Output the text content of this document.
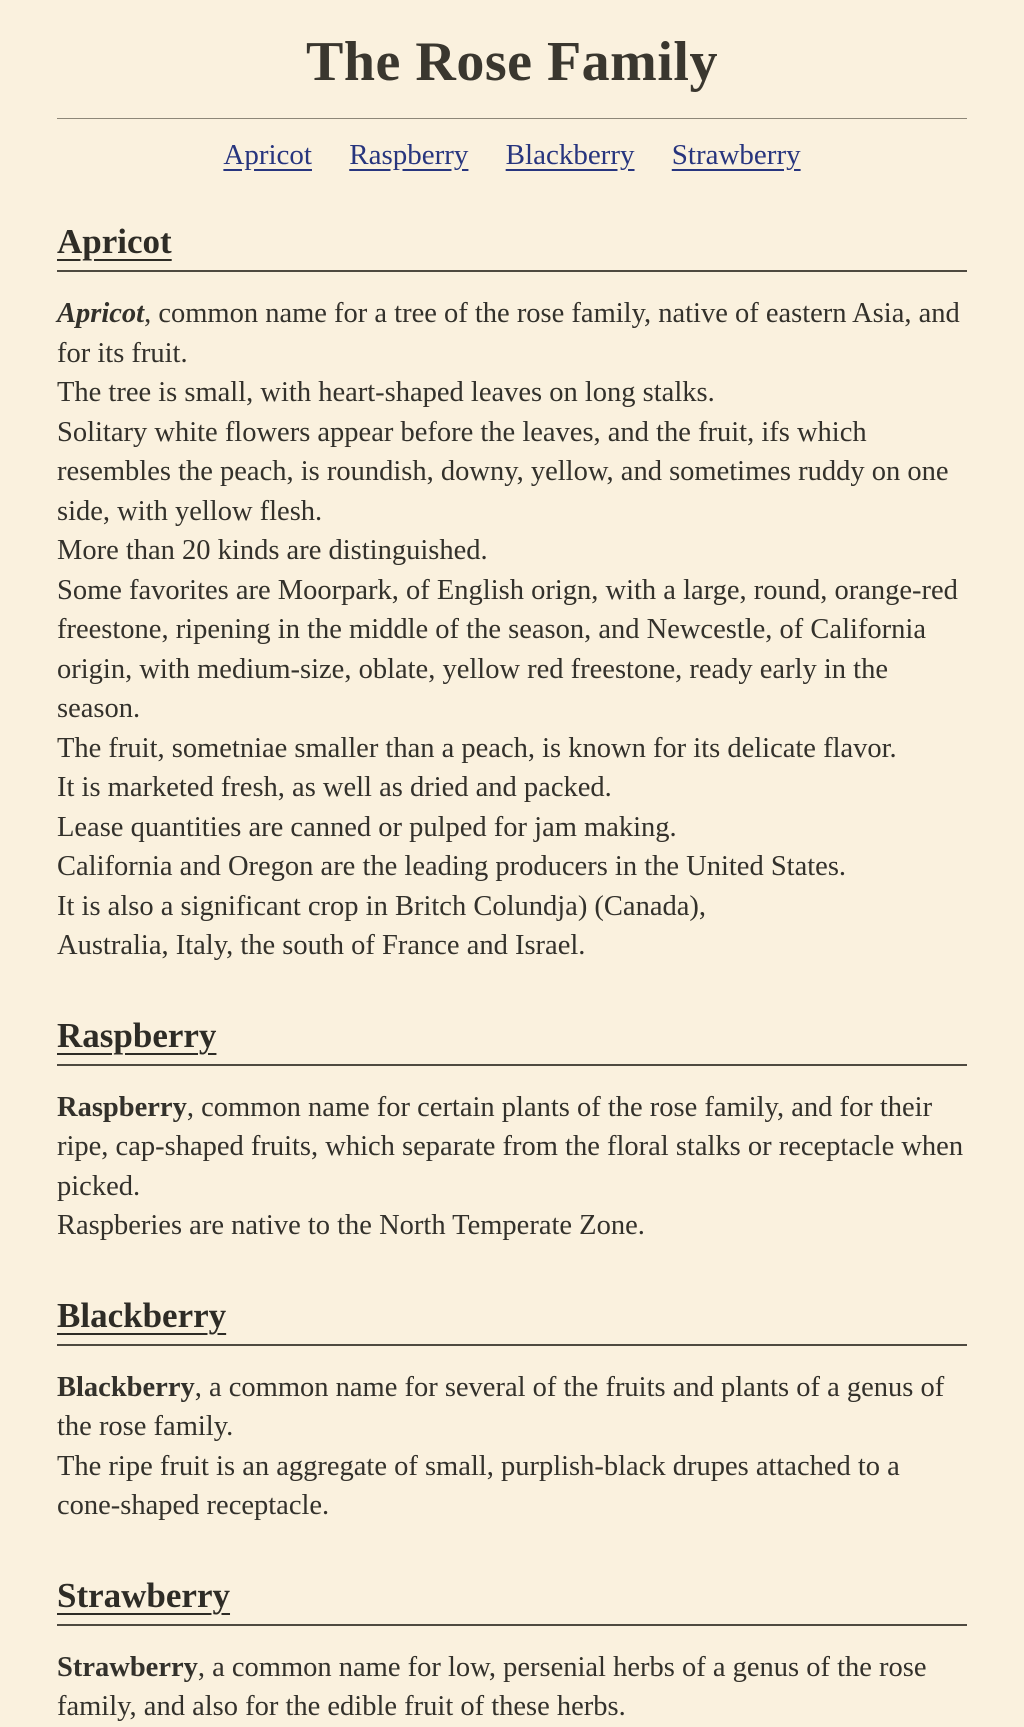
The Rose Family
Apricot Raspberry Blackberry Strawberry
Apricot

Apricot, common name for a tree of the rose family, native of eastern Asia, and for its fruit.
The tree is small, with heart-shaped leaves on long stalks.
Solitary white flowers appear before the leaves, and the fruit, ifs which resembles the peach, is roundish, downy, yellow, and sometimes ruddy on one side, with yellow flesh.
More than 20 kinds are distinguished.
Some favorites are Moorpark, of English orign, with a large, round, orange-red freestone, ripening in the middle of the season, and Newcestle, of California origin, with medium-size, oblate, yellow red freestone, ready early in the season.
The fruit, sometniae smaller than a peach, is known for its delicate flavor.
It is marketed fresh, as well as dried and packed.
Lease quantities are canned or pulped for jam making.
California and Oregon are the leading producers in the United States.
It is also a significant crop in Britch Colundja) (Canada),
Australia, Italy, the south of France and Israel.

Raspberry

Raspberry, common name for certain plants of the rose family, and for their ripe, cap-shaped fruits, which separate from the floral stalks or receptacle when picked.
Raspberies are native to the North Temperate Zone.

Blackberry

Blackberry, a common name for several of the fruits and plants of a genus of the rose family.
The ripe fruit is an aggregate of small, purplish-black drupes attached to a cone-shaped receptacle.

Strawberry

Strawberry, a common name for low, persenial herbs of a genus of the rose family, and also for the edible fruit of these herbs.
